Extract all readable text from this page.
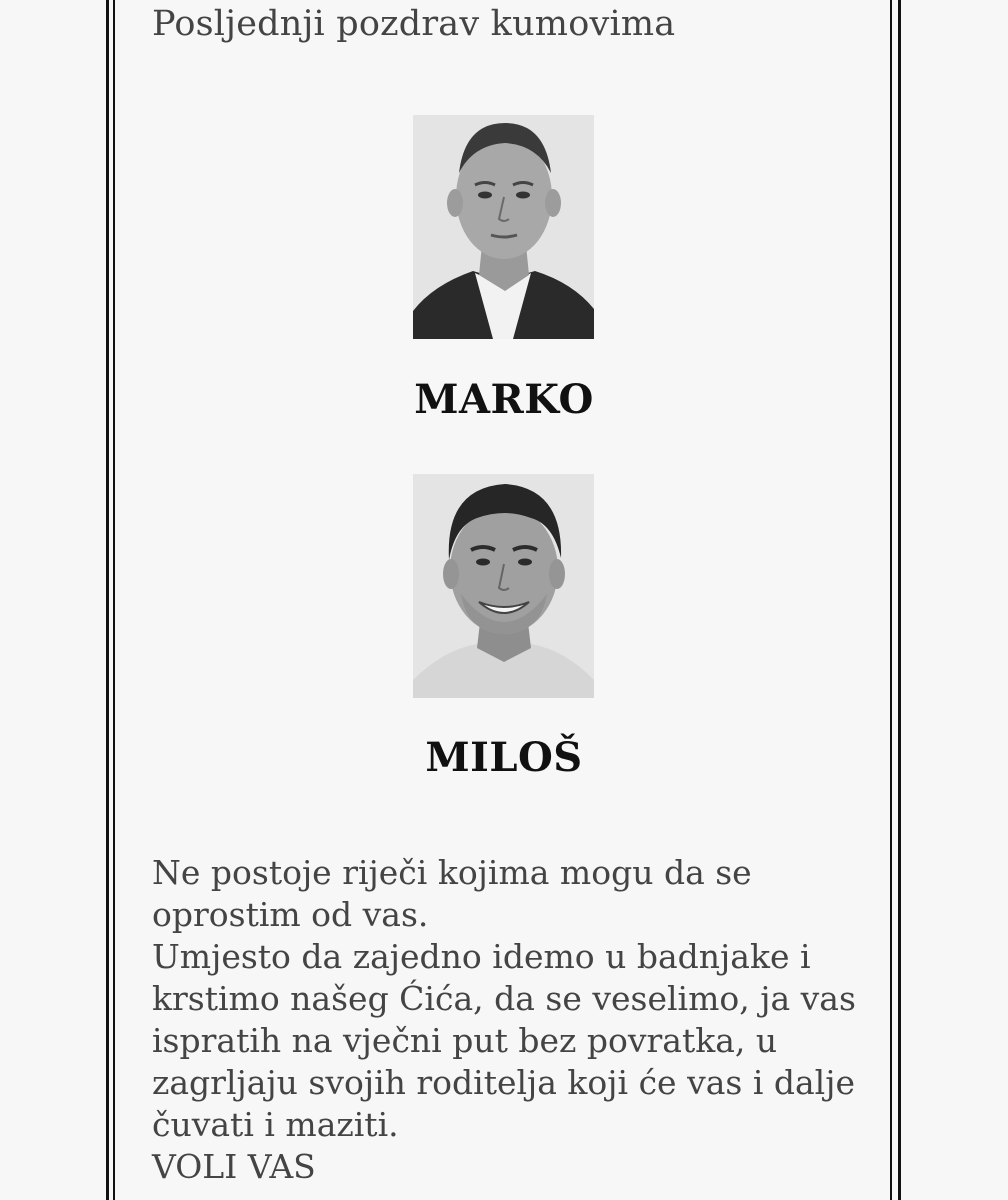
Posljednji pozdrav kumovima
MARKO
MILOŠ
Ne postoje riječi kojima mogu da se
oprostim od vas.
Umjesto da zajedno idemo u badnjake i
krstimo našeg Ćića, da se veselimo, ja vas
ispratih na vječni put bez povratka, u
zagrljaju svojih roditelja koji će vas i dalje
čuvati i maziti.
VOLI VAS
